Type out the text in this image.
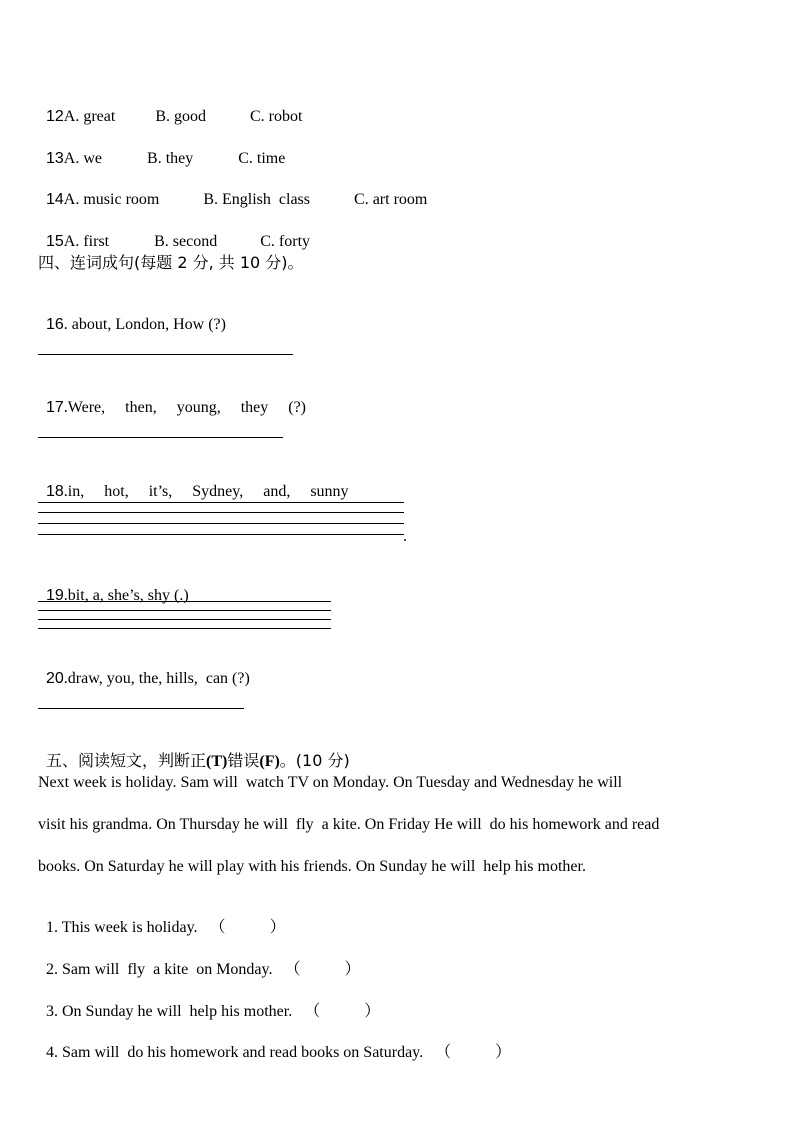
12A. great	B. good	C. robot

13A. we	B. they	C. time

14A. music room	B. English  class	C. art room

15A. first	B. second	C. forty

四、连词成句(每题 2 分, 共 10 分)。

16. about, London, How (?)

17.Were,     then,     young,     they     (?)

18.in,     hot,     it’s,     Sydney,     and,     sunny

.

19.bit, a, she’s, shy (.)

20.draw, you, the, hills,  can (?)

五、阅读短文，判断正(T)错误(F)。(10 分)

Next week is holiday. Sam will  watch TV on Monday. On Tuesday and Wednesday he will
visit his grandma. On Thursday he will  fly  a kite. On Friday He will  do his homework and read
books. On Saturday he will play with his friends. On Sunday he will  help his mother.

1. This week is holiday. （	）

2. Sam will  fly  a kite  on Monday. （	）

3. On Sunday he will  help his mother. （	）

4. Sam will  do his homework and read books on Saturday. （	）
